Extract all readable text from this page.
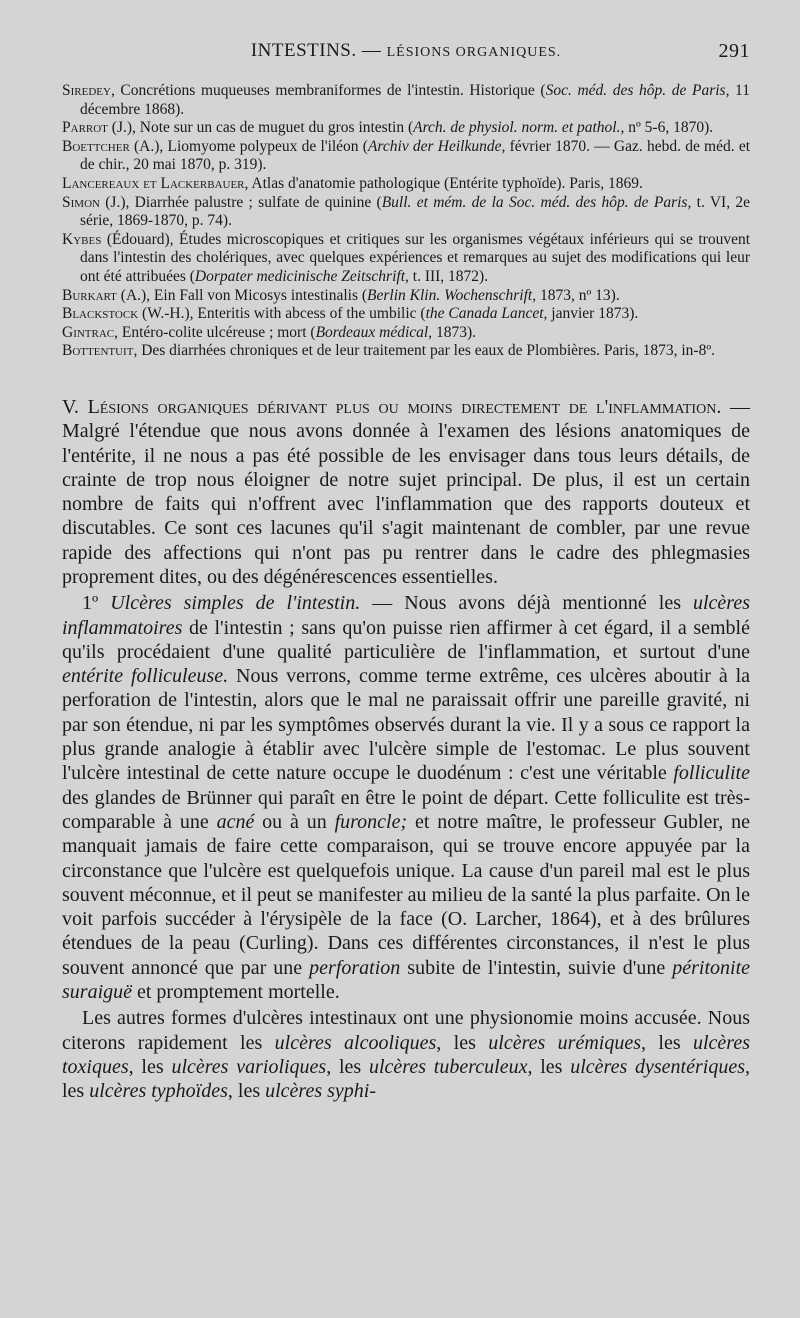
INTESTINS. — LÉSIONS ORGANIQUES.	291

Siredey, Concrétions muqueuses membraniformes de l'intestin. Historique (Soc. méd. des hôp. de Paris, 11 décembre 1868).

Parrot (J.), Note sur un cas de muguet du gros intestin (Arch. de physiol. norm. et pathol., nº 5-6, 1870).

Boettcher (A.), Liomyome polypeux de l'iléon (Archiv der Heilkunde, février 1870. — Gaz. hebd. de méd. et de chir., 20 mai 1870, p. 319).

Lancereaux et Lackerbauer, Atlas d'anatomie pathologique (Entérite typhoïde). Paris, 1869.

Simon (J.), Diarrhée palustre ; sulfate de quinine (Bull. et mém. de la Soc. méd. des hôp. de Paris, t. VI, 2e série, 1869-1870, p. 74).

Kybes (Édouard), Études microscopiques et critiques sur les organismes végétaux inférieurs qui se trouvent dans l'intestin des cholériques, avec quelques expériences et remarques au sujet des modifications qui leur ont été attribuées (Dorpater medicinische Zeitschrift, t. III, 1872).

Burkart (A.), Ein Fall von Micosys intestinalis (Berlin Klin. Wochenschrift, 1873, nº 13).

Blackstock (W.-H.), Enteritis with abcess of the umbilic (the Canada Lancet, janvier 1873).

Gintrac, Entéro-colite ulcéreuse ; mort (Bordeaux médical, 1873).

Bottentuit, Des diarrhées chroniques et de leur traitement par les eaux de Plombières. Paris, 1873, in-8º.

V. Lésions organiques dérivant plus ou moins directement de l'inflammation. — Malgré l'étendue que nous avons donnée à l'examen des lésions anatomiques de l'entérite, il ne nous a pas été possible de les envisager dans tous leurs détails, de crainte de trop nous éloigner de notre sujet principal. De plus, il est un certain nombre de faits qui n'offrent avec l'inflammation que des rapports douteux et discutables. Ce sont ces lacunes qu'il s'agit maintenant de combler, par une revue rapide des affections qui n'ont pas pu rentrer dans le cadre des phlegmasies proprement dites, ou des dégénérescences essentielles.

1º Ulcères simples de l'intestin. — Nous avons déjà mentionné les ulcères inflammatoires de l'intestin ; sans qu'on puisse rien affirmer à cet égard, il a semblé qu'ils procédaient d'une qualité particulière de l'inflammation, et surtout d'une entérite folliculeuse. Nous verrons, comme terme extrême, ces ulcères aboutir à la perforation de l'intestin, alors que le mal ne paraissait offrir une pareille gravité, ni par son étendue, ni par les symptômes observés durant la vie. Il y a sous ce rapport la plus grande analogie à établir avec l'ulcère simple de l'estomac. Le plus souvent l'ulcère intestinal de cette nature occupe le duodénum : c'est une véritable folliculite des glandes de Brünner qui paraît en être le point de départ. Cette folliculite est très-comparable à une acné ou à un furoncle; et notre maître, le professeur Gubler, ne manquait jamais de faire cette comparaison, qui se trouve encore appuyée par la circonstance que l'ulcère est quelquefois unique. La cause d'un pareil mal est le plus souvent méconnue, et il peut se manifester au milieu de la santé la plus parfaite. On le voit parfois succéder à l'érysipèle de la face (O. Larcher, 1864), et à des brûlures étendues de la peau (Curling). Dans ces différentes circonstances, il n'est le plus souvent annoncé que par une perforation subite de l'intestin, suivie d'une péritonite suraiguë et promptement mortelle.

Les autres formes d'ulcères intestinaux ont une physionomie moins accusée. Nous citerons rapidement les ulcères alcooliques, les ulcères urémiques, les ulcères toxiques, les ulcères varioliques, les ulcères tuberculeux, les ulcères dysentériques, les ulcères typhoïdes, les ulcères syphi-
